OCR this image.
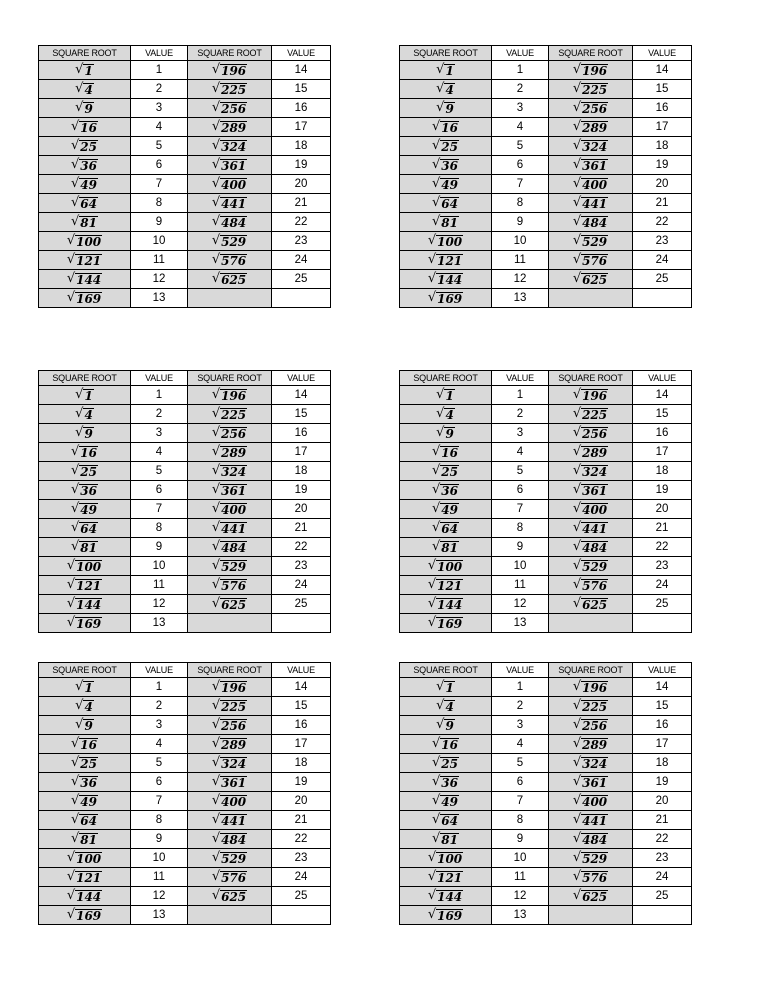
SQUARE ROOT	VALUE	SQUARE ROOT	VALUE

√ 1	1	√ 196	14

√ 4	2	√ 225	15

√ 9	3	√ 256	16

√ 16	4	√ 289	17

√ 25	5	√ 324	18

√ 36	6	√ 361	19

√ 49	7	√ 400	20

√ 64	8	√ 441	21

√ 81	9	√ 484	22

√ 100	10	√ 529	23

√ 121	11	√ 576	24

√ 144	12	√ 625	25

√ 169	13		
SQUARE ROOT	VALUE	SQUARE ROOT	VALUE

√ 1	1	√ 196	14

√ 4	2	√ 225	15

√ 9	3	√ 256	16

√ 16	4	√ 289	17

√ 25	5	√ 324	18

√ 36	6	√ 361	19

√ 49	7	√ 400	20

√ 64	8	√ 441	21

√ 81	9	√ 484	22

√ 100	10	√ 529	23

√ 121	11	√ 576	24

√ 144	12	√ 625	25

√ 169	13		
SQUARE ROOT	VALUE	SQUARE ROOT	VALUE

√ 1	1	√ 196	14

√ 4	2	√ 225	15

√ 9	3	√ 256	16

√ 16	4	√ 289	17

√ 25	5	√ 324	18

√ 36	6	√ 361	19

√ 49	7	√ 400	20

√ 64	8	√ 441	21

√ 81	9	√ 484	22

√ 100	10	√ 529	23

√ 121	11	√ 576	24

√ 144	12	√ 625	25

√ 169	13		
SQUARE ROOT	VALUE	SQUARE ROOT	VALUE

√ 1	1	√ 196	14

√ 4	2	√ 225	15

√ 9	3	√ 256	16

√ 16	4	√ 289	17

√ 25	5	√ 324	18

√ 36	6	√ 361	19

√ 49	7	√ 400	20

√ 64	8	√ 441	21

√ 81	9	√ 484	22

√ 100	10	√ 529	23

√ 121	11	√ 576	24

√ 144	12	√ 625	25

√ 169	13		
SQUARE ROOT	VALUE	SQUARE ROOT	VALUE

√ 1	1	√ 196	14

√ 4	2	√ 225	15

√ 9	3	√ 256	16

√ 16	4	√ 289	17

√ 25	5	√ 324	18

√ 36	6	√ 361	19

√ 49	7	√ 400	20

√ 64	8	√ 441	21

√ 81	9	√ 484	22

√ 100	10	√ 529	23

√ 121	11	√ 576	24

√ 144	12	√ 625	25

√ 169	13		
SQUARE ROOT	VALUE	SQUARE ROOT	VALUE

√ 1	1	√ 196	14

√ 4	2	√ 225	15

√ 9	3	√ 256	16

√ 16	4	√ 289	17

√ 25	5	√ 324	18

√ 36	6	√ 361	19

√ 49	7	√ 400	20

√ 64	8	√ 441	21

√ 81	9	√ 484	22

√ 100	10	√ 529	23

√ 121	11	√ 576	24

√ 144	12	√ 625	25

√ 169	13		
